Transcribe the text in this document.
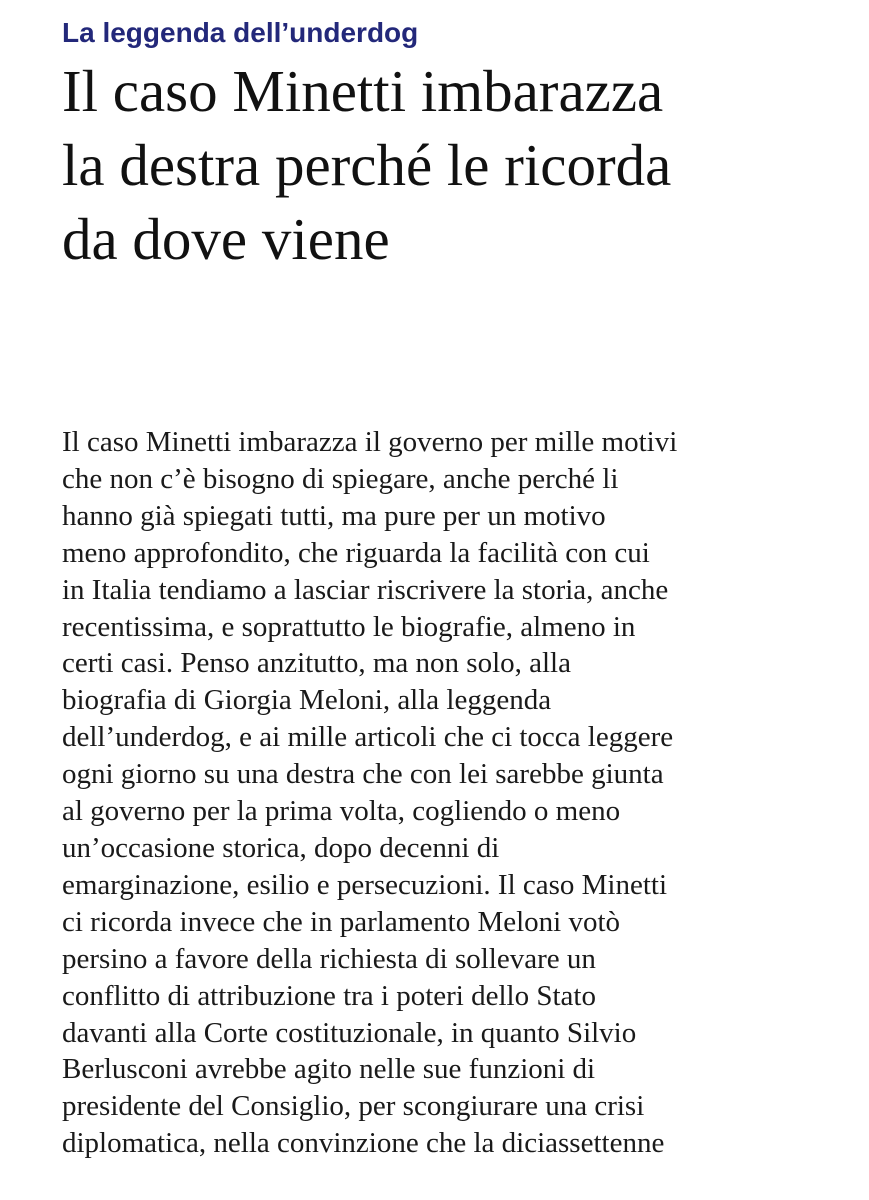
La leggenda dell’underdog

Il caso Minetti imbarazza
la destra perché le ricorda
da dove viene
Il caso Minetti imbarazza il governo per mille motivi
che non c’è bisogno di spiegare, anche perché li
hanno già spiegati tutti, ma pure per un motivo
meno approfondito, che riguarda la facilità con cui
in Italia tendiamo a lasciar riscrivere la storia, anche
recentissima, e soprattutto le biografie, almeno in
certi casi. Penso anzitutto, ma non solo, alla
biografia di Giorgia Meloni, alla leggenda
dell’underdog, e ai mille articoli che ci tocca leggere
ogni giorno su una destra che con lei sarebbe giunta
al governo per la prima volta, cogliendo o meno
un’occasione storica, dopo decenni di
emarginazione, esilio e persecuzioni. Il caso Minetti
ci ricorda invece che in parlamento Meloni votò
persino a favore della richiesta di sollevare un
conflitto di attribuzione tra i poteri dello Stato
davanti alla Corte costituzionale, in quanto Silvio
Berlusconi avrebbe agito nelle sue funzioni di
presidente del Consiglio, per scongiurare una crisi
diplomatica, nella convinzione che la diciassettenne
